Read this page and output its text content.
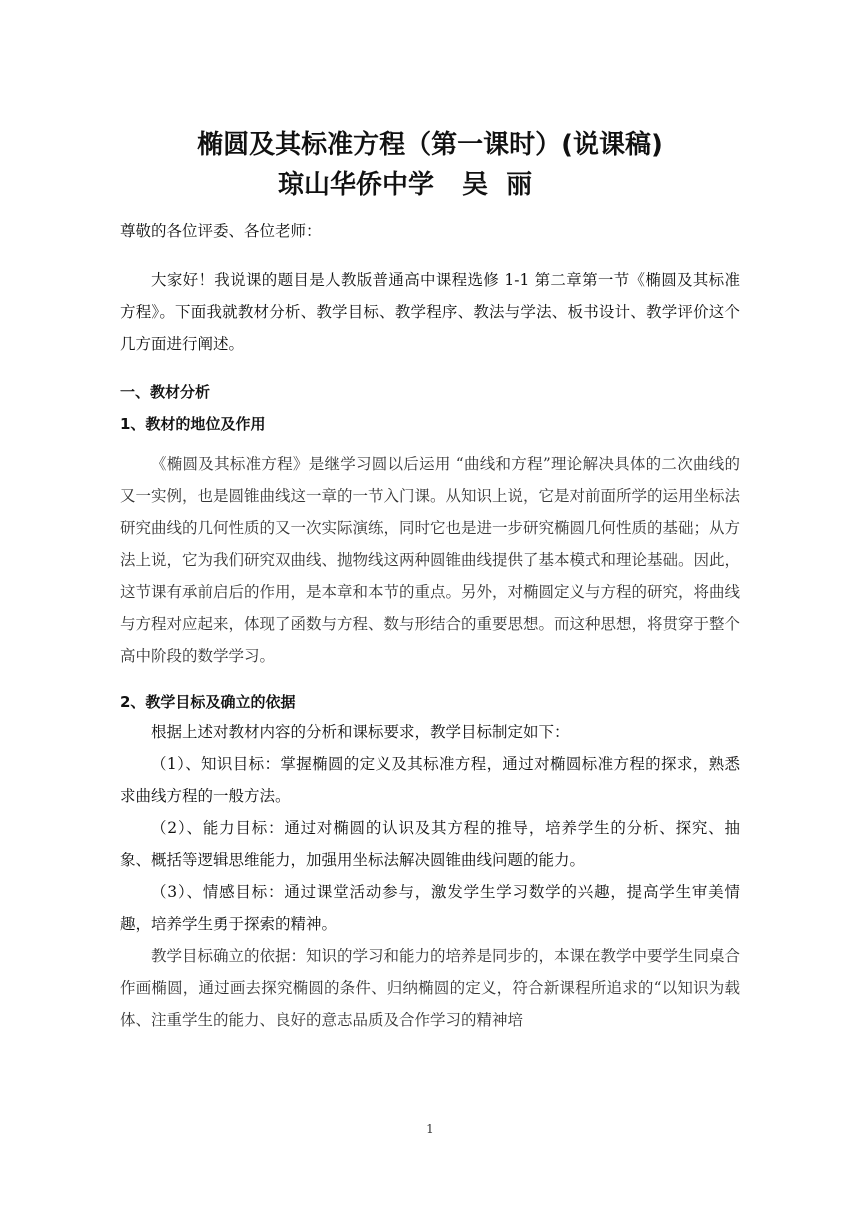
椭圆及其标准方程（第一课时）(说课稿)
琼山华侨中学 吴  丽
尊敬的各位评委、各位老师：

大家好！我说课的题目是人教版普通高中课程选修 1-1 第二章第一节《椭圆及其标准方程》。下面我就教材分析、教学目标、教学程序、教法与学法、板书设计、教学评价这个几方面进行阐述。

一、教材分析
1、教材的地位及作用

《椭圆及其标准方程》是继学习圆以后运用 “曲线和方程”理论解决具体的二次曲线的又一实例，也是圆锥曲线这一章的一节入门课。从知识上说，它是对前面所学的运用坐标法研究曲线的几何性质的又一次实际演练，同时它也是进一步研究椭圆几何性质的基础；从方法上说，它为我们研究双曲线、抛物线这两种圆锥曲线提供了基本模式和理论基础。因此，这节课有承前启后的作用，是本章和本节的重点。另外，对椭圆定义与方程的研究，将曲线与方程对应起来，体现了函数与方程、数与形结合的重要思想。而这种思想，将贯穿于整个高中阶段的数学学习。

2、教学目标及确立的依据

根据上述对教材内容的分析和课标要求，教学目标制定如下：

（1）、知识目标：掌握椭圆的定义及其标准方程，通过对椭圆标准方程的探求，熟悉求曲线方程的一般方法。

（2）、能力目标：通过对椭圆的认识及其方程的推导，培养学生的分析、探究、抽象、概括等逻辑思维能力，加强用坐标法解决圆锥曲线问题的能力。

（3）、情感目标：通过课堂活动参与，激发学生学习数学的兴趣，提高学生审美情趣，培养学生勇于探索的精神。

教学目标确立的依据：知识的学习和能力的培养是同步的，本课在教学中要学生同桌合作画椭圆，通过画去探究椭圆的条件、归纳椭圆的定义，符合新课程所追求的“以知识为载体、注重学生的能力、良好的意志品质及合作学习的精神培

1
